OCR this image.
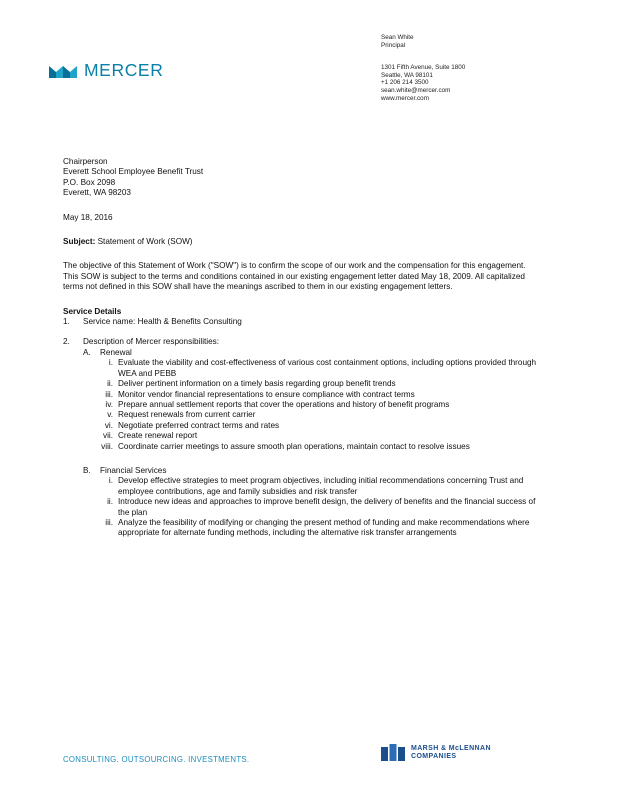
MERCER

Sean White

Principal

1301 Fifth Avenue, Suite 1800

Seattle, WA 98101

+1 206 214 3500

sean.white@mercer.com

www.mercer.com

Chairperson

Everett School Employee Benefit Trust

P.O. Box 2098

Everett, WA 98203

May 18, 2016

Subject: Statement of Work (SOW)

The objective of this Statement of Work ("SOW") is to confirm the scope of our work and the compensation for this engagement. This SOW is subject to the terms and conditions contained in our existing engagement letter dated May 18, 2009. All capitalized terms not defined in this SOW shall have the meanings ascribed to them in our existing engagement letters.

Service Details

1.	Service name: Health & Benefits Consulting
2.	Description of Mercer responsibilities:
A.	Renewal
i. Evaluate the viability and cost-effectiveness of various cost containment options, including options provided through WEA and PEBB
ii. Deliver pertinent information on a timely basis regarding group benefit trends
iii. Monitor vendor financial representations to ensure compliance with contract terms
iv. Prepare annual settlement reports that cover the operations and history of benefit programs
v. Request renewals from current carrier
vi. Negotiate preferred contract terms and rates
vii. Create renewal report
viii. Coordinate carrier meetings to assure smooth plan operations, maintain contact to resolve issues
B.	Financial Services
i. Develop effective strategies to meet program objectives, including initial recommendations concerning Trust and employee contributions, age and family subsidies and risk transfer
ii. Introduce new ideas and approaches to improve benefit design, the delivery of benefits and the financial success of the plan
iii. Analyze the feasibility of modifying or changing the present method of funding and make recommendations where appropriate for alternate funding methods, including the alternative risk transfer arrangements
CONSULTING. OUTSOURCING. INVESTMENTS.
MARSH & McLENNAN
COMPANIES
